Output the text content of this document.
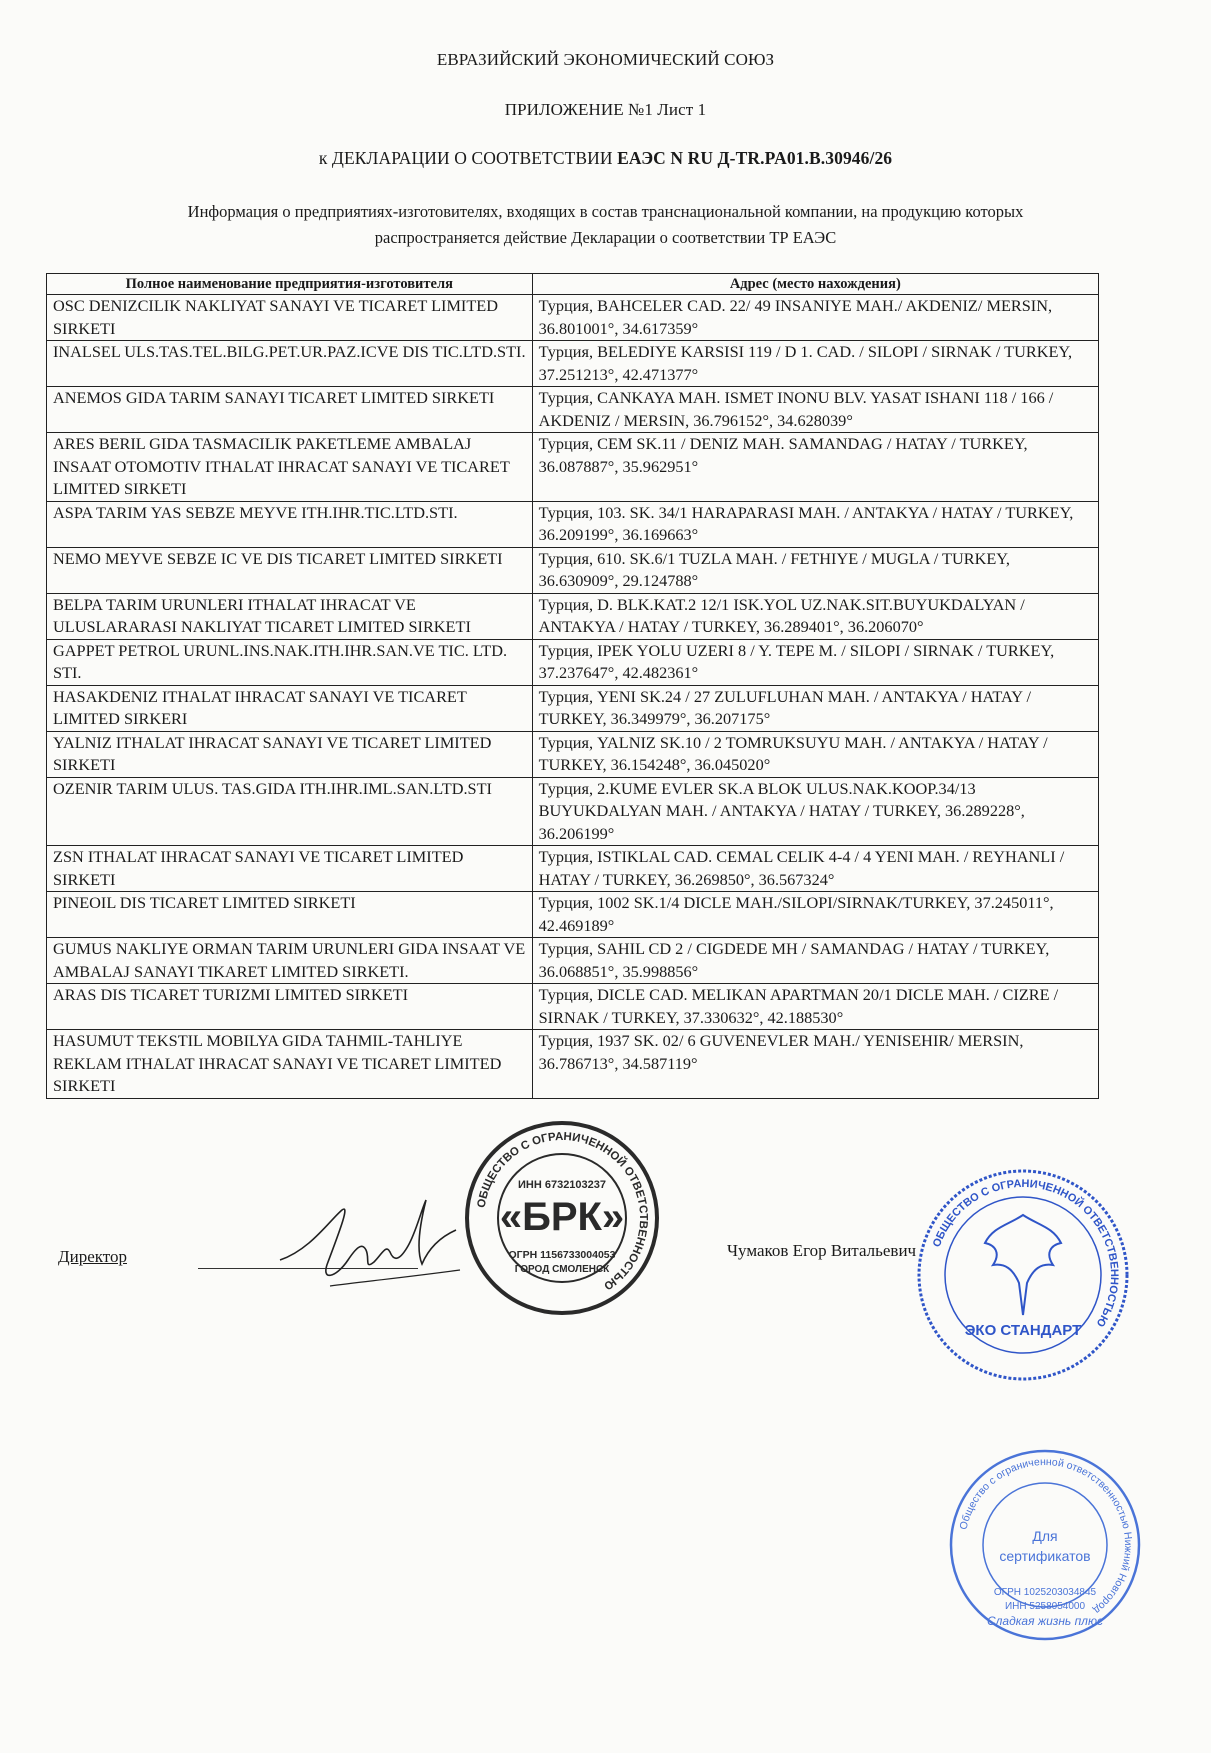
ЕВРАЗИЙСКИЙ ЭКОНОМИЧЕСКИЙ СОЮЗ
ПРИЛОЖЕНИЕ №1 Лист 1
к ДЕКЛАРАЦИИ О СООТВЕТСТВИИ ЕАЭС N RU Д-TR.PA01.В.30946/26
Информация о предприятиях-изготовителях, входящих в состав транснациональной компании, на продукцию которых
распространяется действие Декларации о соответствии ТР ЕАЭС
Полное наименование предприятия-изготовителя	Адрес (место нахождения)
OSC DENIZCILIK NAKLIYAT SANAYI VE TICARET LIMITED SIRKETI	Турция, BAHCELER CAD. 22/ 49 INSANIYE MAH./ AKDENIZ/ MERSIN, 36.801001°, 34.617359°
INALSEL ULS.TAS.TEL.BILG.PET.UR.PAZ.ICVE DIS TIC.LTD.STI.	Турция, BELEDIYE KARSISI 119 / D 1. CAD. / SILOPI / SIRNAK / TURKEY, 37.251213°, 42.471377°
ANEMOS GIDA TARIM SANAYI TICARET LIMITED SIRKETI	Турция, CANKAYA MAH. ISMET INONU BLV. YASAT ISHANI 118 / 166 / AKDENIZ / MERSIN, 36.796152°, 34.628039°
ARES BERIL GIDA TASMACILIK PAKETLEME AMBALAJ INSAAT OTOMOTIV ITHALAT IHRACAT SANAYI VE TICARET LIMITED SIRKETI	Турция, CEM SK.11 / DENIZ MAH. SAMANDAG / HATAY / TURKEY, 36.087887°, 35.962951°
ASPA TARIM YAS SEBZE MEYVE ITH.IHR.TIC.LTD.STI.	Турция, 103. SK. 34/1 HARAPARASI MAH. / ANTAKYA / HATAY / TURKEY, 36.209199°, 36.169663°
NEMO MEYVE SEBZE IC VE DIS TICARET LIMITED SIRKETI	Турция, 610. SK.6/1 TUZLA MAH. / FETHIYE / MUGLA / TURKEY, 36.630909°, 29.124788°
BELPA TARIM URUNLERI ITHALAT IHRACAT VE ULUSLARARASI NAKLIYAT TICARET LIMITED SIRKETI	Турция, D. BLK.KAT.2 12/1 ISK.YOL UZ.NAK.SIT.BUYUKDALYAN / ANTAKYA / HATAY / TURKEY, 36.289401°, 36.206070°
GAPPET PETROL URUNL.INS.NAK.ITH.IHR.SAN.VE TIC. LTD. STI.	Турция, IPEK YOLU UZERI 8 / Y. TEPE M. / SILOPI / SIRNAK / TURKEY, 37.237647°, 42.482361°
HASAKDENIZ ITHALAT IHRACAT SANAYI VE TICARET LIMITED SIRKERI	Турция, YENI SK.24 / 27 ZULUFLUHAN MAH. / ANTAKYA / HATAY / TURKEY, 36.349979°, 36.207175°
YALNIZ ITHALAT IHRACAT SANAYI VE TICARET LIMITED SIRKETI	Турция, YALNIZ SK.10 / 2 TOMRUKSUYU MAH. / ANTAKYA / HATAY / TURKEY, 36.154248°, 36.045020°
OZENIR TARIM ULUS. TAS.GIDA ITH.IHR.IML.SAN.LTD.STI	Турция, 2.KUME EVLER SK.A BLOK ULUS.NAK.KOOP.34/13 BUYUKDALYAN MAH. / ANTAKYA / HATAY / TURKEY, 36.289228°, 36.206199°
ZSN ITHALAT IHRACAT SANAYI VE TICARET LIMITED SIRKETI	Турция, ISTIKLAL CAD. CEMAL CELIK 4-4 / 4 YENI MAH. / REYHANLI / HATAY / TURKEY, 36.269850°, 36.567324°
PINEOIL DIS TICARET LIMITED SIRKETI	Турция, 1002 SK.1/4 DICLE MAH./SILOPI/SIRNAK/TURKEY, 37.245011°, 42.469189°
GUMUS NAKLIYE ORMAN TARIM URUNLERI GIDA INSAAT VE AMBALAJ SANAYI TIKARET LIMITED SIRKETI.	Турция, SAHIL CD 2 / CIGDEDE MH / SAMANDAG / HATAY / TURKEY, 36.068851°, 35.998856°
ARAS DIS TICARET TURIZMI LIMITED SIRKETI	Турция, DICLE CAD. MELIKAN APARTMAN 20/1 DICLE MAH. / CIZRE / SIRNAK / TURKEY, 37.330632°, 42.188530°
HASUMUT TEKSTIL MOBILYA GIDA TAHMIL-TAHLIYE REKLAM ITHALAT IHRACAT SANAYI VE TICARET LIMITED SIRKETI	Турция, 1937 SK. 02/ 6 GUVENEVLER MAH./ YENISEHIR/ MERSIN, 36.786713°, 34.587119°
Директор	Чумаков Егор Витальевич
ОБЩЕСТВО С ОГРАНИЧЕННОЙ ОТВЕТСТВЕННОСТЬЮ
ИНН 6732103237
«БРК»
ОГРН 1156733004053
ГОРОД СМОЛЕНСК
ОБЩЕСТВО С ОГРАНИЧЕННОЙ ОТВЕТСТВЕННОСТЬЮ
ЭКО СТАНДАРТ
Общество с ограниченной ответственностью Нижний Новгород
Для
сертификатов
ОГРН 1025203034845
ИНН 5258054000
Сладкая жизнь плюс
